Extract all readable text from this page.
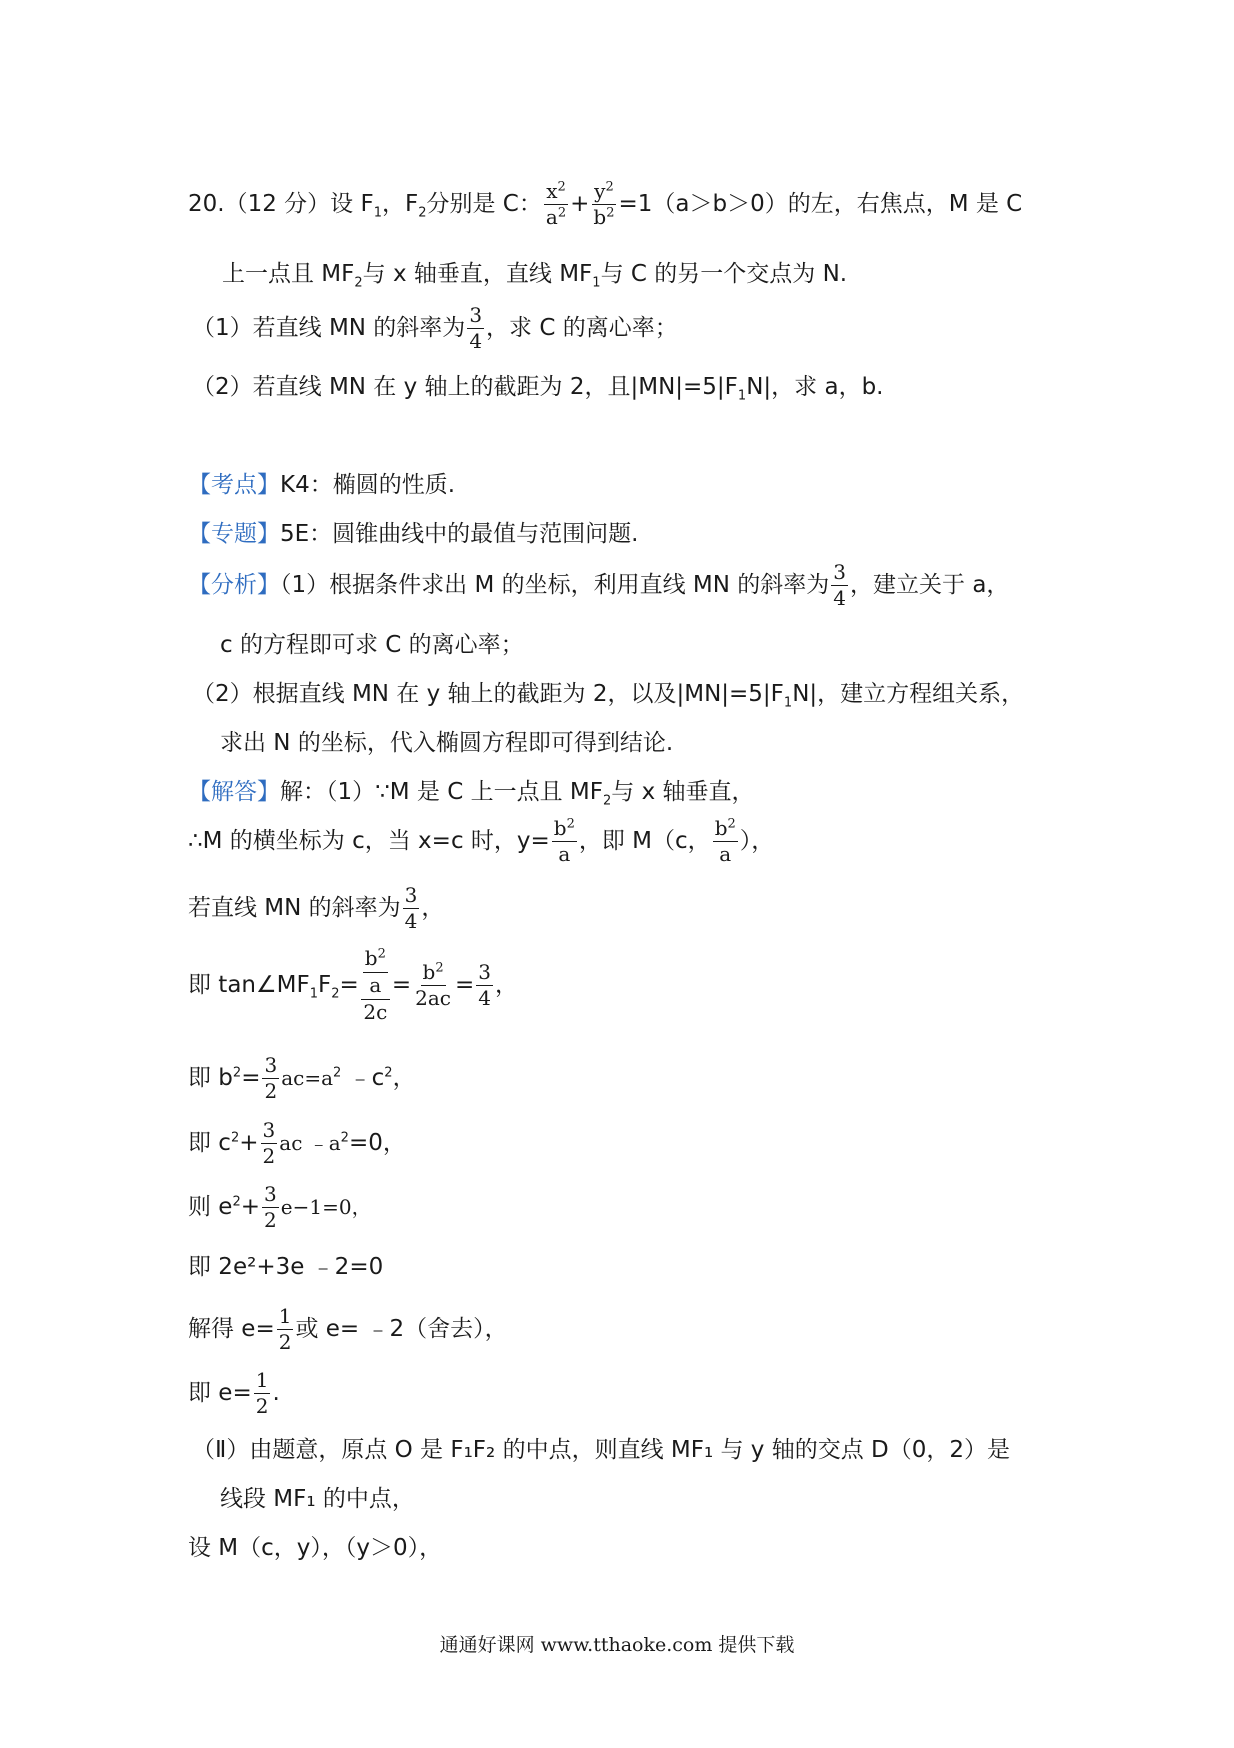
20.（12 分）设 $F_1$，$F_2$分别是 C： $\frac{x^2}{a^2} + \frac{y^2}{b^2} =1(a>b>0)$的左，右焦点，M 是 C
上一点且 $MF_2$与 x 轴垂直，直线 $MF_1$与 C 的另一个交点为 N.
（1）若直线 MN 的斜率为 $\frac{3}{4}$ ，求 C 的离心率；
（2）若直线 MN 在 y 轴上的截距为 2，且$|MN|=5|F_1N|$，求 a，b.
【考点】K4：椭圆的性质.
【专题】5E：圆锥曲线中的最值与范围问题.
【分析】（1）根据条件求出 M 的坐标，利用直线 MN 的斜率为 $\frac{3}{4}$ ，建立关于 a，
c 的方程即可求 C 的离心率；
（2）根据直线 MN 在 y 轴上的截距为 2，以及$|MN|=5|F_1N|$，建立方程组关系，
求出 N 的坐标，代入椭圆方程即可得到结论.
【解答】解：（1）∵M 是 C 上一点且 $MF_2$与 x 轴垂直，
∴M 的横坐标为 c，当 x=c 时，$y= \frac{b^2}{a}$ ，即 M（c， $\frac{b^2}{a}$ ），
若直线 MN 的斜率为 $\frac{3}{4}$ ，
即 $\tan\angle MF_1F_2= \frac{\frac{b^2}{a}}{2c} = \frac{b^2}{2ac} = \frac{3}{4}$ ，
即 $b^2= \frac{3}{2} ac=a^2$ $﹣c^2$，
即 $c^2+ \frac{3}{2}$ ac $﹣a^2=0$，
则 $e^2+ \frac{3}{2} e-1=0$，
即 2e²+3e ﹣2=0
解得 $e= \frac{1}{2}$ 或 e= ﹣2（舍去），
即 $e= \frac{1}{2}$ .
（Ⅱ）由题意，原点 O 是 F₁F₂ 的中点，则直线 MF₁ 与 y 轴的交点 D（0，2）是
线段 MF₁ 的中点，
设 M（c，y），（y＞0），
通通好课网 www.tthaoke.com 提供下载
